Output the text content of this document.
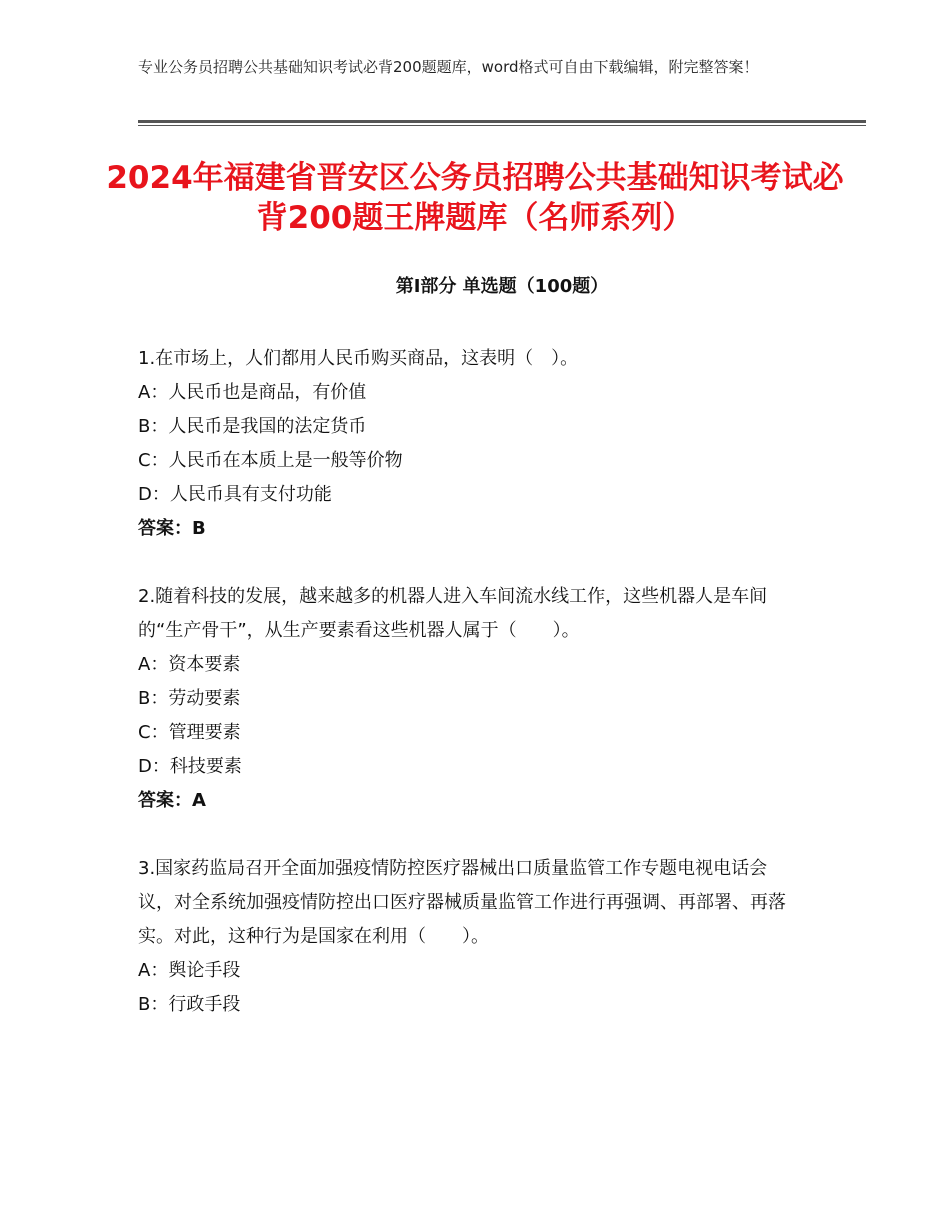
专业公务员招聘公共基础知识考试必背200题题库，word格式可自由下载编辑，附完整答案！
2024年福建省晋安区公务员招聘公共基础知识考试必背200题王牌题库（名师系列）
第Ⅰ部分 单选题（100题）

1.在市场上，人们都用人民币购买商品，这表明（　）。

A：人民币也是商品，有价值

B：人民币是我国的法定货币

C：人民币在本质上是一般等价物

D：人民币具有支付功能

答案：B

2.随着科技的发展，越来越多的机器人进入车间流水线工作，这些机器人是车间的“生产骨干”，从生产要素看这些机器人属于（　　）。

A：资本要素

B：劳动要素

C：管理要素

D：科技要素

答案：A

3.国家药监局召开全面加强疫情防控医疗器械出口质量监管工作专题电视电话会议，对全系统加强疫情防控出口医疗器械质量监管工作进行再强调、再部署、再落实。对此，这种行为是国家在利用（　　）。

A：舆论手段

B：行政手段
